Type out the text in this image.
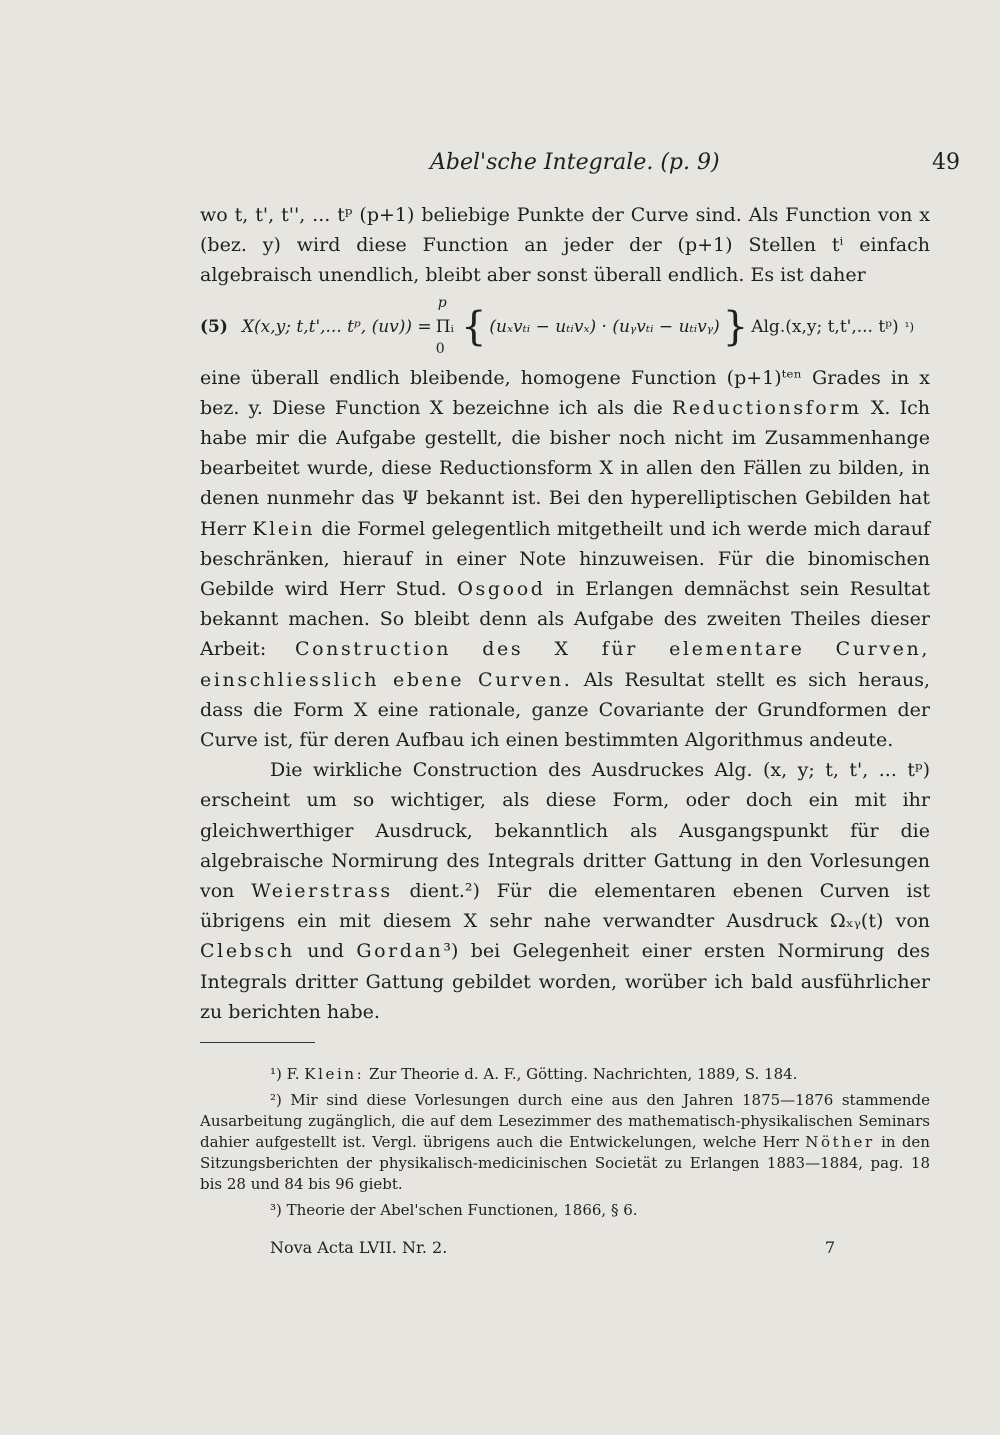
Abel'sche Integrale. (p. 9)	49

wo t, t', t'', ... tᵖ (p+1) beliebige Punkte der Curve sind. Als Function von x (bez. y) wird diese Function an jeder der (p+1) Stellen tⁱ einfach algebraisch unendlich, bleibt aber sonst überall endlich. Es ist daher

(5) X(x,y; t,t',... tᵖ, (uv)) =
p
Πᵢ
0 { (uₓvₜᵢ − uₜᵢvₓ) · (uᵧvₜᵢ − uₜᵢvᵧ) } Alg.(x,y; t,t',... tᵖ) ¹)

eine überall endlich bleibende, homogene Function (p+1)ᵗᵉⁿ Grades in x bez. y. Diese Function X bezeichne ich als die Reductionsform X. Ich habe mir die Aufgabe gestellt, die bisher noch nicht im Zusammenhange bearbeitet wurde, diese Reductionsform X in allen den Fällen zu bilden, in denen nunmehr das Ψ bekannt ist. Bei den hyperelliptischen Gebilden hat Herr Klein die Formel gelegentlich mitgetheilt und ich werde mich darauf beschränken, hierauf in einer Note hinzuweisen. Für die binomischen Gebilde wird Herr Stud. Osgood in Erlangen demnächst sein Resultat bekannt machen. So bleibt denn als Aufgabe des zweiten Theiles dieser Arbeit: Construction des X für elementare Curven, einschliesslich ebene Curven. Als Resultat stellt es sich heraus, dass die Form X eine rationale, ganze Covariante der Grundformen der Curve ist, für deren Aufbau ich einen bestimmten Algorithmus andeute.

Die wirkliche Construction des Ausdruckes Alg. (x, y; t, t', ... tᵖ) erscheint um so wichtiger, als diese Form, oder doch ein mit ihr gleichwerthiger Ausdruck, bekanntlich als Ausgangspunkt für die algebraische Normirung des Integrals dritter Gattung in den Vorlesungen von Weierstrass dient.²) Für die elementaren ebenen Curven ist übrigens ein mit diesem X sehr nahe verwandter Ausdruck Ωₓᵧ(t) von Clebsch und Gordan³) bei Gelegenheit einer ersten Normirung des Integrals dritter Gattung gebildet worden, worüber ich bald ausführlicher zu berichten habe.

¹) F. Klein: Zur Theorie d. A. F., Götting. Nachrichten, 1889, S. 184.

²) Mir sind diese Vorlesungen durch eine aus den Jahren 1875—1876 stammende Ausarbeitung zugänglich, die auf dem Lesezimmer des mathematisch-physikalischen Seminars dahier aufgestellt ist. Vergl. übrigens auch die Entwickelungen, welche Herr Nöther in den Sitzungsberichten der physikalisch-medicinischen Societät zu Erlangen 1883—1884, pag. 18 bis 28 und 84 bis 96 giebt.

³) Theorie der Abel'schen Functionen, 1866, § 6.

Nova Acta LVII. Nr. 2.	7
